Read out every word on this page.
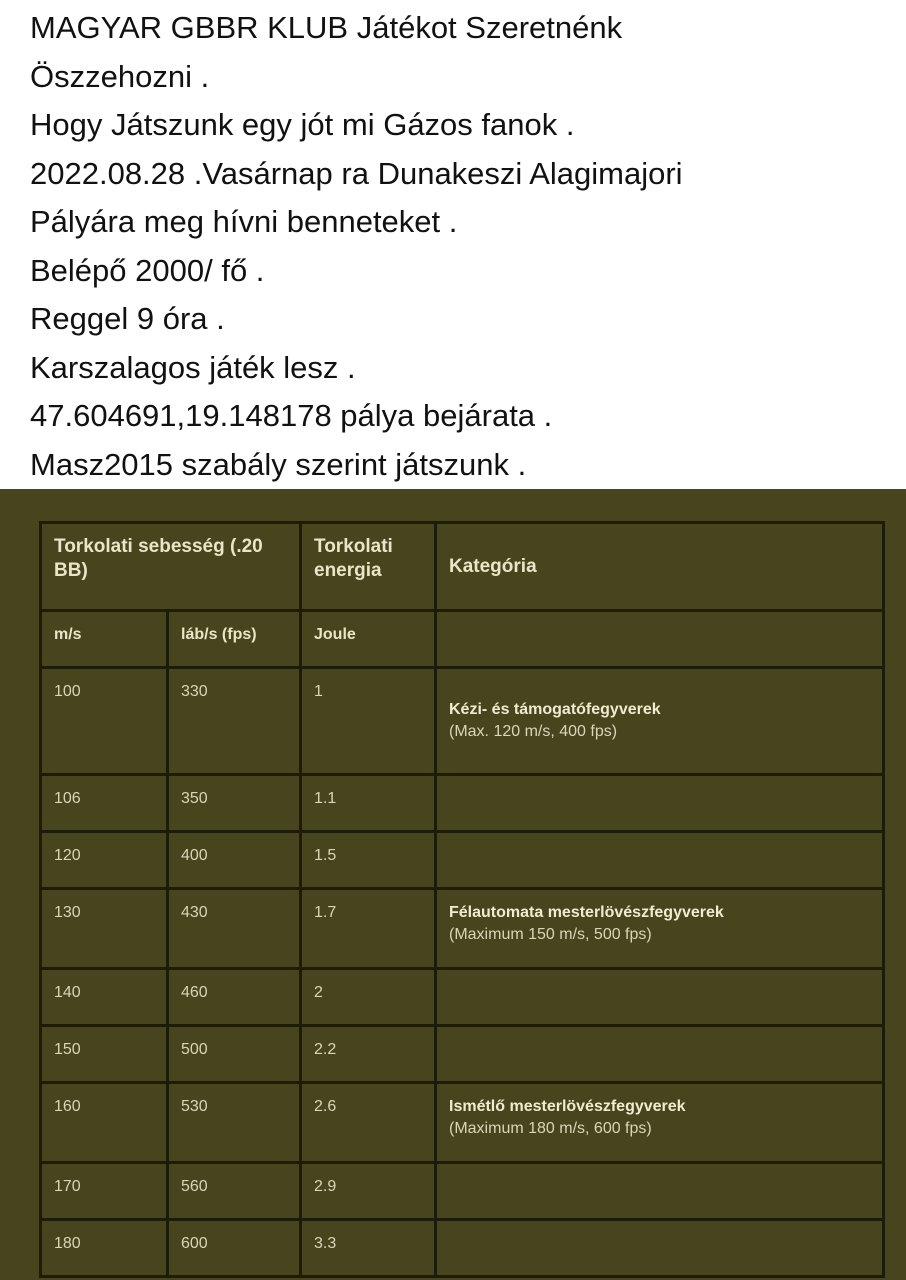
MAGYAR GBBR KLUB Játékot Szeretnénk
Öszzehozni .
Hogy Játszunk egy jót mi Gázos fanok .
2022.08.28 .Vasárnap ra Dunakeszi Alagimajori
Pályára meg hívni benneteket .
Belépő 2000/ fő .
Reggel 9 óra .
Karszalagos játék lesz .
47.604691,19.148178 pálya bejárata .
Masz2015 szabály szerint játszunk .
Torkolati sebesség (.20 BB)		Torkolati energia	Kategória
m/s	láb/s (fps)	Joule	
100	330	1	Kézi- és támogatófegyverek
(Max. 120 m/s, 400 fps)

106	350	1.1	
120	400	1.5	
130	430	1.7	Félautomata mesterlövészfegyverek
(Maximum 150 m/s, 500 fps)

140	460	2	
150	500	2.2	
160	530	2.6	Ismétlő mesterlövészfegyverek
(Maximum 180 m/s, 600 fps)

170	560	2.9	
180	600	3.3	
